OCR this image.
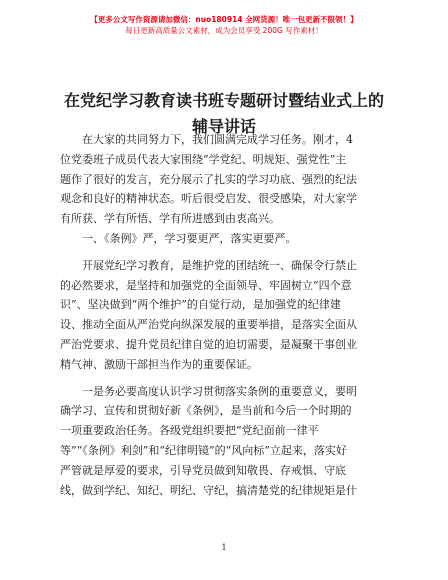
【更多公文写作资源请加微信：nuo180914 全网货源！唯一包更新不限领！】
每日更新高质量公文素材，成为会员享受 200G 写作素材！
在党纪学习教育读书班专题研讨暨结业式上的
辅导讲话

在大家的共同努力下，我们圆满完成学习任务。刚才，4
位党委班子成员代表大家围绕“学党纪、明规矩、强党性”主
题作了很好的发言，充分展示了扎实的学习功底、强烈的纪法
观念和良好的精神状态。听后很受启发、很受感染，对大家学
有所获、学有所悟、学有所进感到由衷高兴。

一、《条例》严，学习要更严，落实更要严。

开展党纪学习教育，是维护党的团结统一、确保令行禁止
的必然要求，是坚持和加强党的全面领导、牢固树立“四个意
识”、坚决做到“两个维护”的自觉行动，是加强党的纪律建
设、推动全面从严治党向纵深发展的重要举措，是落实全面从
严治党要求、提升党员纪律自觉的迫切需要，是凝聚干事创业
精气神、激励干部担当作为的重要保证。

一是务必要高度认识学习贯彻落实条例的重要意义，要明
确学习、宣传和贯彻好新《条例》，是当前和今后一个时期的
一项重要政治任务。各级党组织要把“党纪面前一律平
等”“《条例》利剑”和“纪律明镜”的“风向标”立起来，落实好
严管就是厚爱的要求，引导党员做到知敬畏、存戒惧、守底
线，做到学纪、知纪、明纪、守纪，搞清楚党的纪律规矩是什

1
